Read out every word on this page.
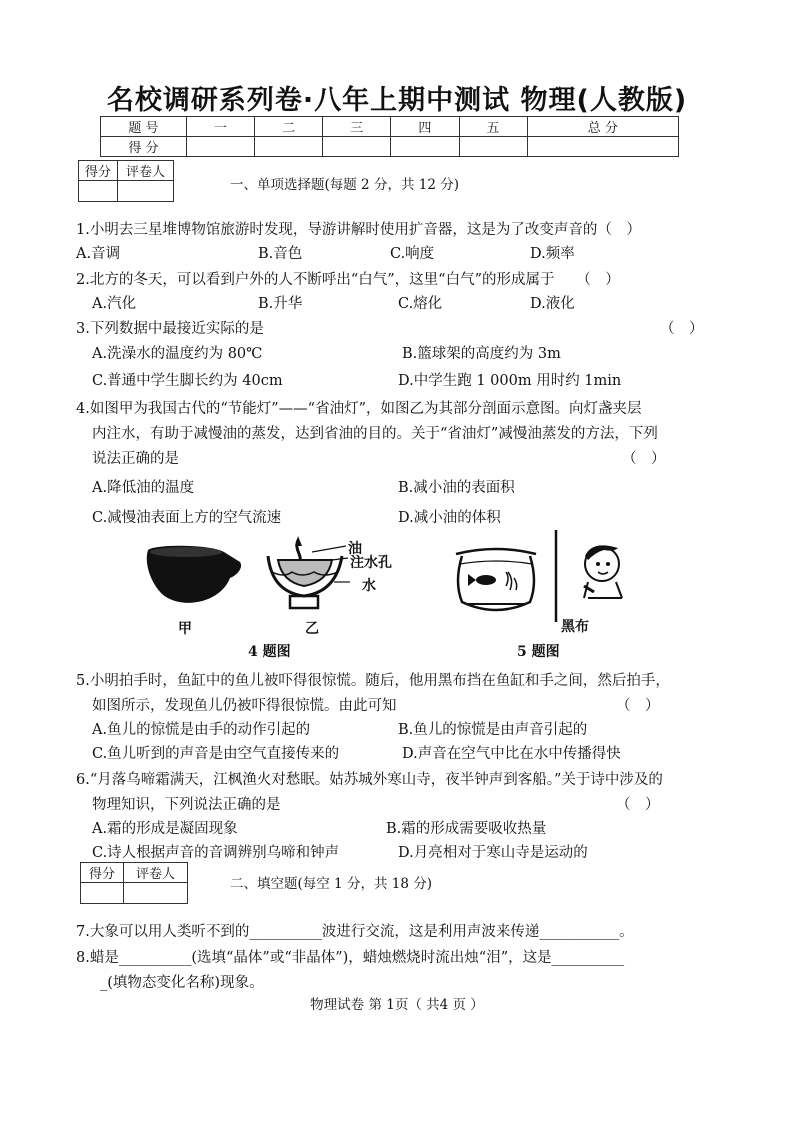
名校调研系列卷·八年上期中测试 物理(人教版)
题 号	一	二	三	四	五	总 分
得 分						
得分	评卷人

一、单项选择题(每题 2 分，共 12 分)
1.小明去三星堆博物馆旅游时发现，导游讲解时使用扩音器，这是为了改变声音的（　）
A.音调	B.音色	C.响度	D.频率
2.北方的冬天，可以看到户外的人不断呼出“白气”，这里“白气”的形成属于　　（　）
A.汽化	B.升华	C.熔化	D.液化
3.下列数据中最接近实际的是	（　）
A.洗澡水的温度约为 80℃	B.篮球架的高度约为 3m
C.普通中学生脚长约为 40cm	D.中学生跑 1 000m 用时约 1min
4.如图甲为我国古代的“节能灯”——“省油灯”，如图乙为其部分剖面示意图。向灯盏夹层
内注水，有助于减慢油的蒸发，达到省油的目的。关于“省油灯”减慢油蒸发的方法，下列
说法正确的是	（　）
A.降低油的温度	B.减小油的表面积
C.减慢油表面上方的空气流速	D.减小油的体积
油
注水孔
水
甲	乙	黑布
4 题图	5 题图
5.小明拍手时，鱼缸中的鱼儿被吓得很惊慌。随后，他用黑布挡在鱼缸和手之间，然后拍手，
如图所示，发现鱼儿仍被吓得很惊慌。由此可知	（　）
A.鱼儿的惊慌是由手的动作引起的	B.鱼儿的惊慌是由声音引起的
C.鱼儿听到的声音是由空气直接传来的	D.声音在空气中比在水中传播得快
6.“月落乌啼霜满天，江枫渔火对愁眠。姑苏城外寒山寺，夜半钟声到客船。”关于诗中涉及的
物理知识，下列说法正确的是	（　）
A.霜的形成是凝固现象	B.霜的形成需要吸收热量
C.诗人根据声音的音调辨别乌啼和钟声	D.月亮相对于寒山寺是运动的
得分	评卷人

二、填空题(每空 1 分，共 18 分)
7.大象可以用人类听不到的__________波进行交流，这是利用声波来传递___________。
8.蜡是__________(选填“晶体”或“非晶体”)，蜡烛燃烧时流出烛“泪”，这是__________
_(填物态变化名称)现象。
物理试卷 第 1页（ 共4 页 ）
